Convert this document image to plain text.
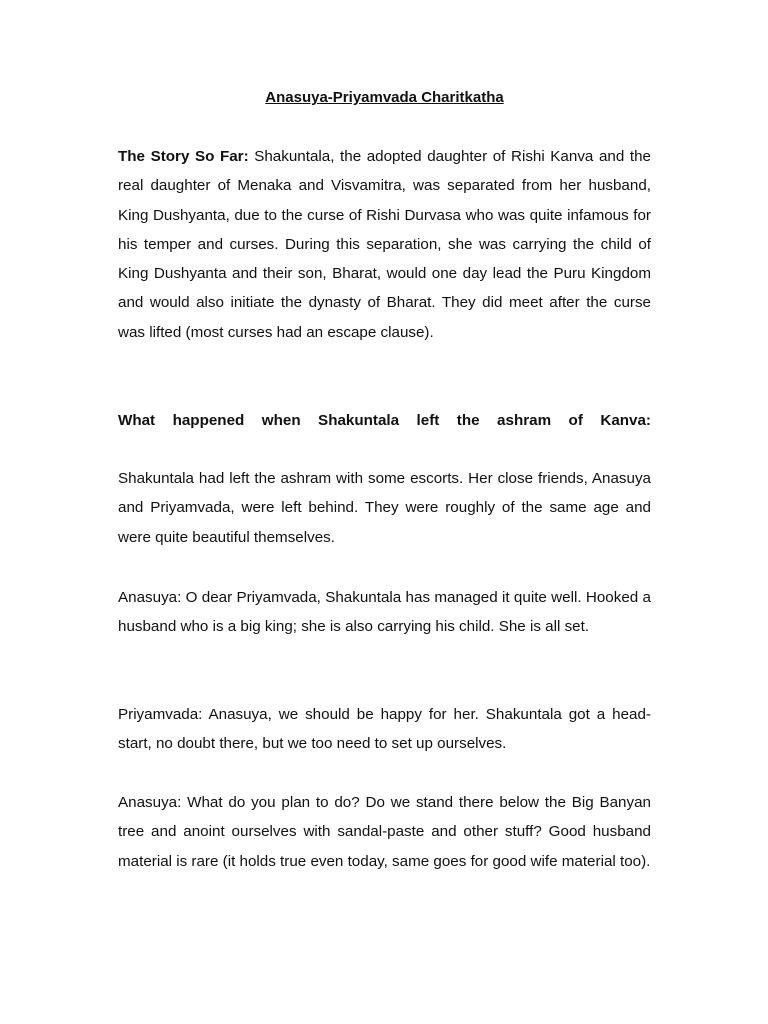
Anasuya-Priyamvada Charitkatha

The Story So Far: Shakuntala, the adopted daughter of Rishi Kanva and the real daughter of Menaka and Visvamitra, was separated from her husband, King Dushyanta, due to the curse of Rishi Durvasa who was quite infamous for his temper and curses. During this separation, she was carrying the child of King Dushyanta and their son, Bharat, would one day lead the Puru Kingdom and would also initiate the dynasty of Bharat. They did meet after the curse was lifted (most curses had an escape clause).

What happened when Shakuntala left the ashram of Kanva:

Shakuntala had left the ashram with some escorts. Her close friends, Anasuya and Priyamvada, were left behind. They were roughly of the same age and were quite beautiful themselves.

Anasuya: O dear Priyamvada, Shakuntala has managed it quite well. Hooked a husband who is a big king; she is also carrying his child. She is all set.

Priyamvada: Anasuya, we should be happy for her. Shakuntala got a head-start, no doubt there, but we too need to set up ourselves.

Anasuya: What do you plan to do? Do we stand there below the Big Banyan tree and anoint ourselves with sandal-paste and other stuff? Good husband material is rare (it holds true even today, same goes for good wife material too).
